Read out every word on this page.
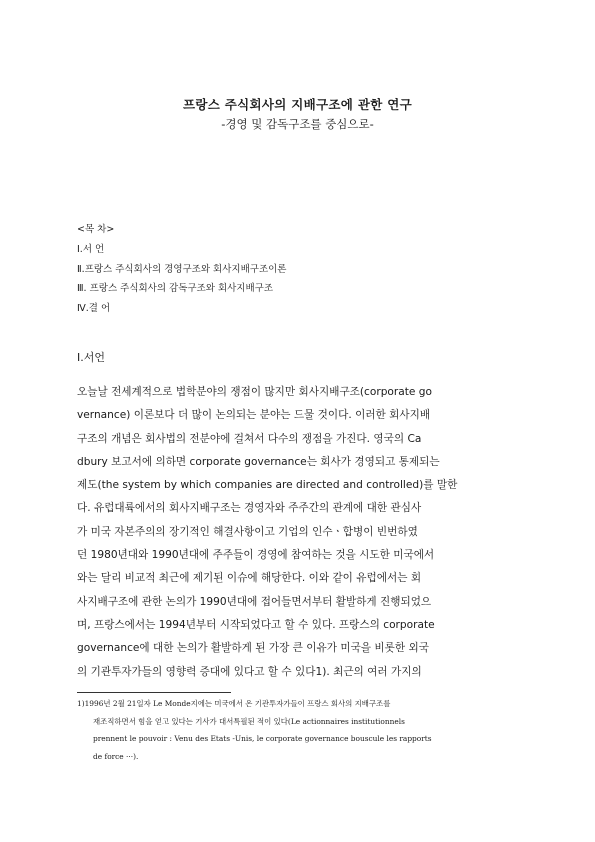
프랑스 주식회사의 지배구조에 관한 연구
-경영 및 감독구조를 중심으로-
<목 차>
Ⅰ.서 언
Ⅱ.프랑스 주식회사의 경영구조와 회사지배구조이론
Ⅲ. 프랑스 주식회사의 감독구조와 회사지배구조
Ⅳ.결 어
Ⅰ.서언
오늘날 전세계적으로 법학분야의 쟁점이 많지만 회사지배구조(corporate go
vernance) 이론보다 더 많이 논의되는 분야는 드물 것이다. 이러한 회사지배
구조의 개념은 회사법의 전분야에 걸쳐서 다수의 쟁점을 가진다. 영국의 Ca
dbury 보고서에 의하면 corporate governance는 회사가 경영되고 통제되는
제도(the system by which companies are directed and controlled)를 말한
다. 유럽대륙에서의 회사지배구조는 경영자와 주주간의 관계에 대한 관심사
가 미국 자본주의의 장기적인 해결사항이고 기업의 인수ㆍ합병이 빈번하였
던 1980년대와 1990년대에 주주들이 경영에 참여하는 것을 시도한 미국에서
와는 달리 비교적 최근에 제기된 이슈에 해당한다. 이와 같이 유럽에서는 회
사지배구조에 관한 논의가 1990년대에 접어들면서부터 활발하게 진행되었으
며, 프랑스에서는 1994년부터 시작되었다고 할 수 있다. 프랑스의 corporate
governance에 대한 논의가 활발하게 된 가장 큰 이유가 미국을 비롯한 외국
의 기관투자가들의 영향력 증대에 있다고 할 수 있다1). 최근의 여러 가지의
1)1996년 2월 21일자 Le Monde지에는 미국에서 온 기관투자가들이 프랑스 회사의 지배구조를
재조직하면서 힘을 얻고 있다는 기사가 대서특필된 적이 있다(Le actionnaires institutionnels
prennent le pouvoir : Venu des Etats -Unis, le corporate governance bouscule les rapports
de force ···).
